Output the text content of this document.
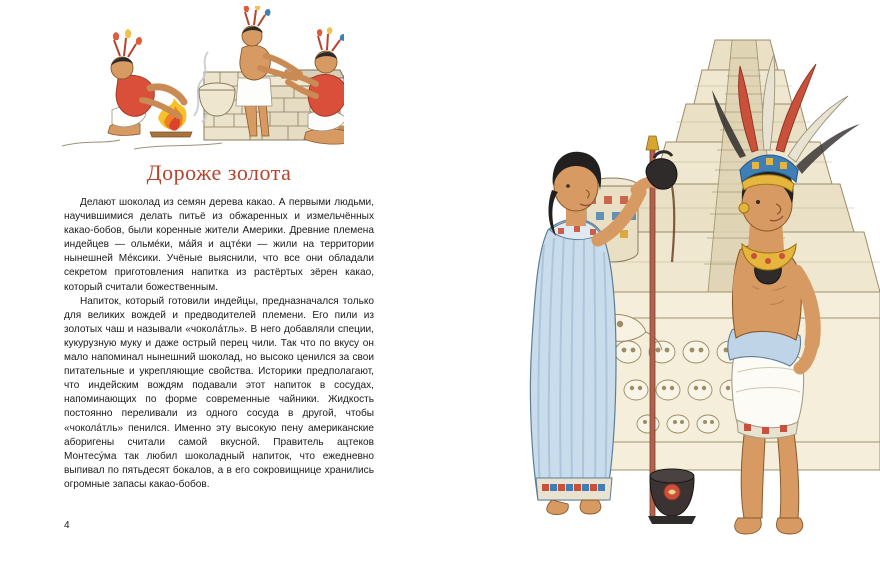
Дороже золота

Делают шоколад из семян дерева какао. А первыми людьми, научившимися делать питьё из обжаренных и измельчённых какао-бобов, были коренные жители Америки. Древние племена индейцев — ольмéки, мáйя и ацтéки — жили на территории нынешней Мéксики. Учёные выяснили, что все они обладали секретом приготовления напитка из растёртых зёрен какао, который считали божественным.

Напиток, который готовили индейцы, предназначался только для великих вождей и предводителей племени. Его пили из золотых чаш и называли «чоколáтль». В него добавляли специи, кукурузную муку и даже острый перец чили. Так что по вкусу он мало напоминал нынешний шоколад, но высоко ценился за свои питательные и укрепляющие свойства. Историки предполагают, что индейским вождям подавали этот напиток в сосудах, напоминающих по форме современные чайники. Жидкость постоянно переливали из одного сосуда в другой, чтобы «чоколáтль» пенился. Именно эту высокую пену американские аборигены считали самой вкусной. Правитель ацтеков Монтесýма так любил шоколадный напиток, что ежедневно выпивал по пятьдесят бокалов, а в его сокровищнице хранились огромные запасы какао-бобов.

4
